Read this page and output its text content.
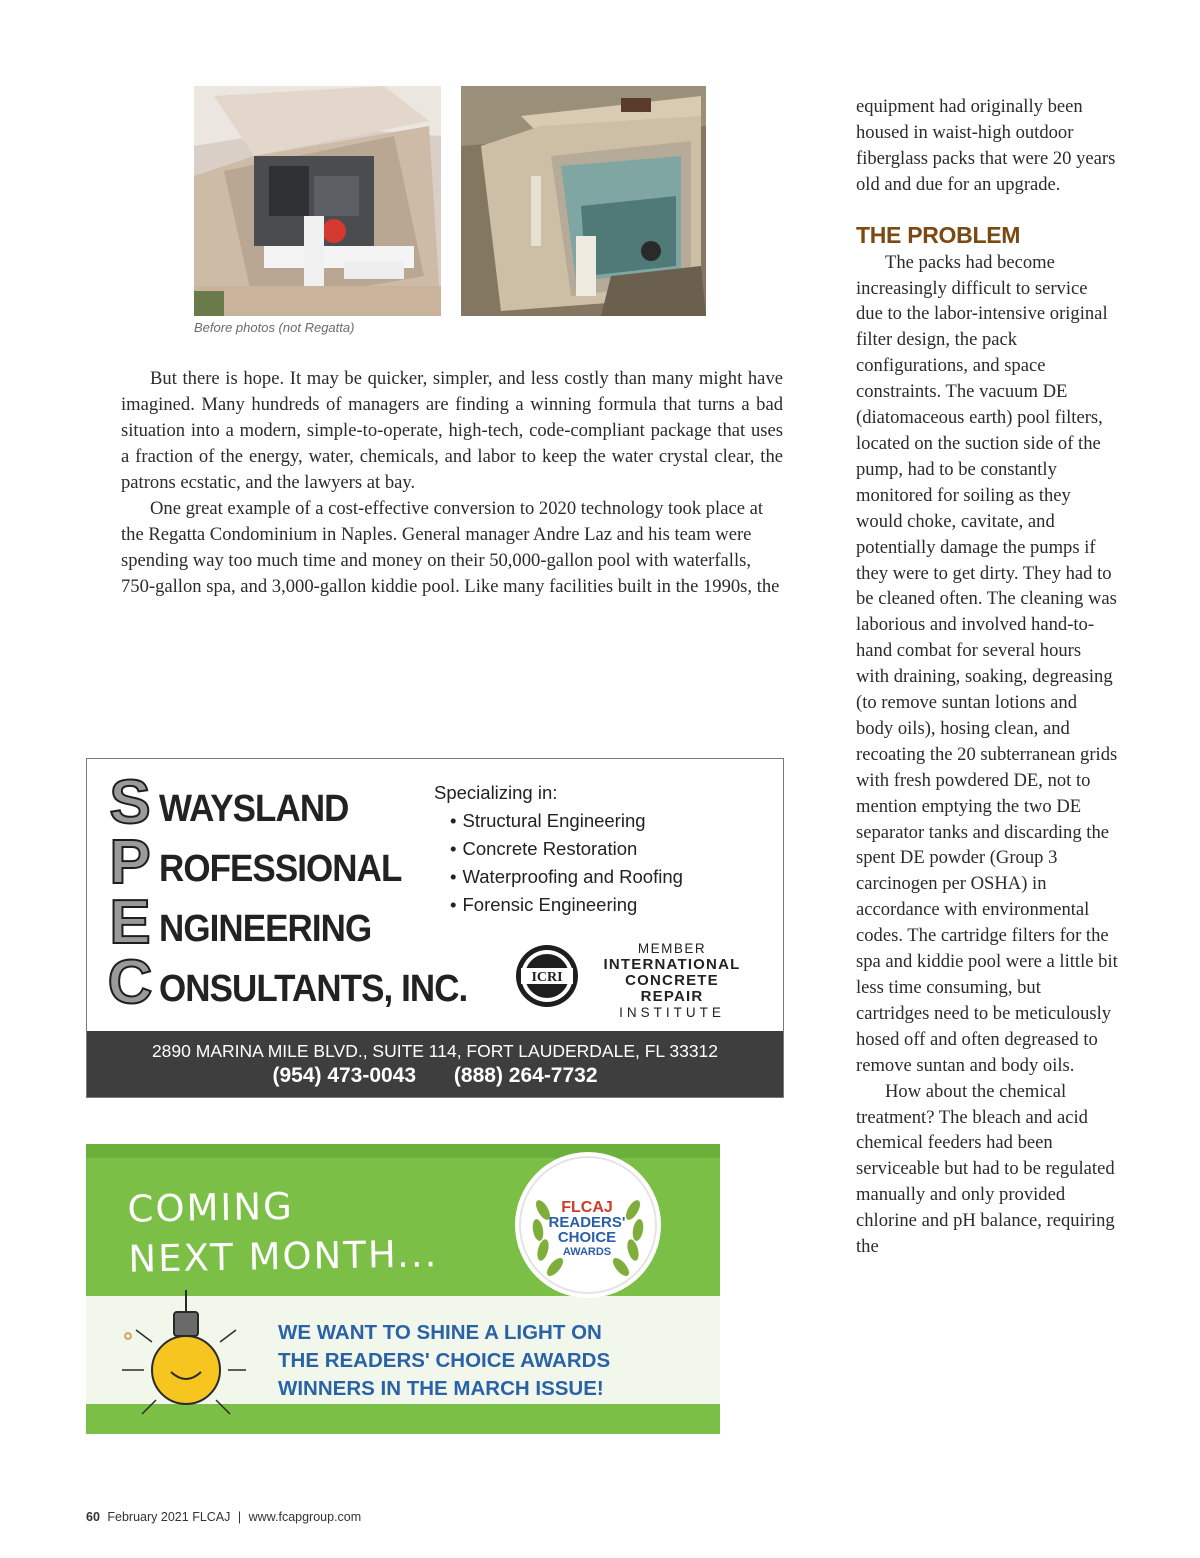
Before photos (not Regatta)

But there is hope. It may be quicker, simpler, and less costly than many might have imagined. Many hundreds of managers are finding a winning formula that turns a bad situation into a modern, simple-to-operate, high-tech, code-compliant package that uses a fraction of the energy, water, chemicals, and labor to keep the water crystal clear, the patrons ecstatic, and the lawyers at bay.

One great example of a cost-effective conversion to 2020 technology took place at the Regatta Condominium in Naples. General manager Andre Laz and his team were spending way too much time and money on their 50,000-gallon pool with waterfalls, 750-gallon spa, and 3,000-gallon kiddie pool. Like many facilities built in the 1990s, the

equipment had originally been housed in waist-high outdoor fiberglass packs that were 20 years old and due for an upgrade.

THE PROBLEM

The packs had become increasingly difficult to service due to the labor-intensive original filter design, the pack configurations, and space constraints. The vacuum DE (diatomaceous earth) pool filters, located on the suction side of the pump, had to be constantly monitored for soiling as they would choke, cavitate, and potentially damage the pumps if they were to get dirty. They had to be cleaned often. The cleaning was laborious and involved hand-to-hand combat for several hours with draining, soaking, degreasing (to remove suntan lotions and body oils), hosing clean, and recoating the 20 subterranean grids with fresh powdered DE, not to mention emptying the two DE separator tanks and discarding the spent DE powder (Group 3 carcinogen per OSHA) in accordance with environmental codes. The cartridge filters for the spa and kiddie pool were a little bit less time consuming, but cartridges need to be meticulously hosed off and often degreased to remove suntan and body oils.

How about the chemical treatment? The bleach and acid chemical feeders had been serviceable but had to be regulated manually and only provided chlorine and pH balance, requiring the

S WAYSLAND
P ROFESSIONAL
E NGINEERING
C ONSULTANTS, INC.
Specializing in:
• Structural Engineering
• Concrete Restoration
• Waterproofing and Roofing
• Forensic Engineering
ICRI
MEMBER
INTERNATIONAL
CONCRETE REPAIR
INSTITUTE
2890 MARINA MILE BLVD., SUITE 114, FORT LAUDERDALE, FL 33312
(954) 473-0043 (888) 264-7732
COMING
NEXT MONTH...
FLCAJ
READERS'
CHOICE
AWARDS
WE WANT TO SHINE A LIGHT ON
THE READERS' CHOICE AWARDS
WINNERS IN THE MARCH ISSUE!
60 February 2021 FLCAJ | www.fcapgroup.com
